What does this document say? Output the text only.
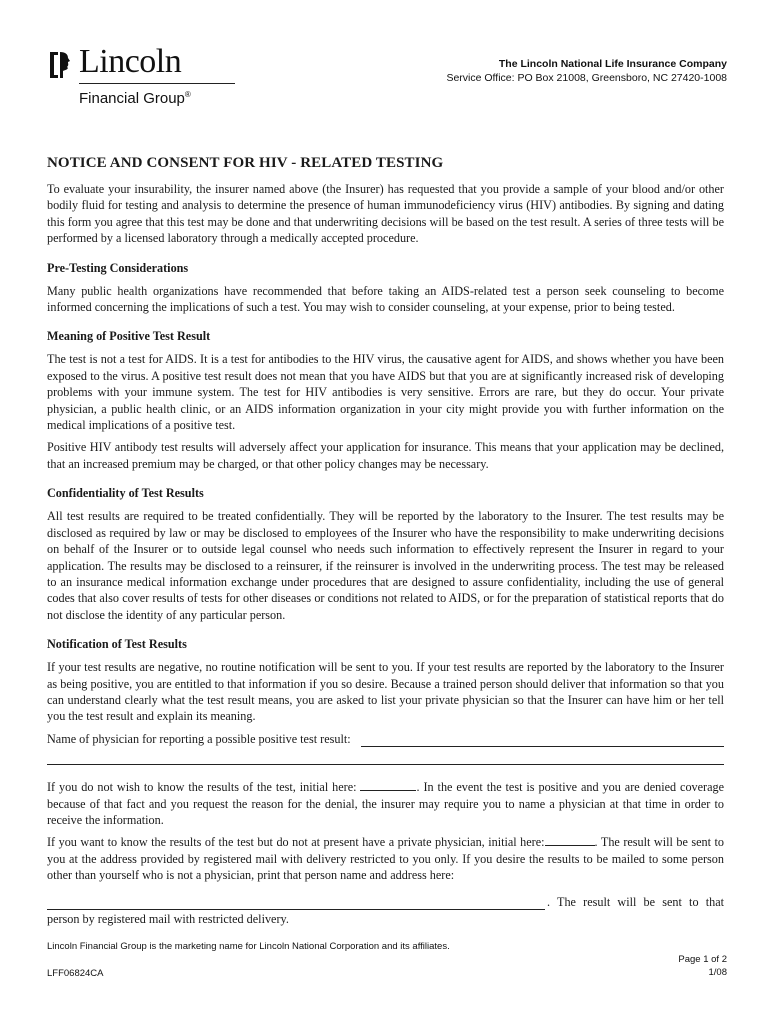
Lincoln
Financial Group®
The Lincoln National Life Insurance Company
Service Office: PO Box 21008, Greensboro, NC 27420-1008
NOTICE AND CONSENT FOR HIV - RELATED TESTING

To evaluate your insurability, the insurer named above (the Insurer) has requested that you provide a sample of your blood and/or other bodily fluid for testing and analysis to determine the presence of human immunodeficiency virus (HIV) antibodies. By signing and dating this form you agree that this test may be done and that underwriting decisions will be based on the test result. A series of three tests will be performed by a licensed laboratory through a medically accepted procedure.

Pre-Testing Considerations

Many public health organizations have recommended that before taking an AIDS-related test a person seek counseling to become informed concerning the implications of such a test. You may wish to consider counseling, at your expense, prior to being tested.

Meaning of Positive Test Result

The test is not a test for AIDS. It is a test for antibodies to the HIV virus, the causative agent for AIDS, and shows whether you have been exposed to the virus. A positive test result does not mean that you have AIDS but that you are at significantly increased risk of developing problems with your immune system. The test for HIV antibodies is very sensitive. Errors are rare, but they do occur. Your private physician, a public health clinic, or an AIDS information organization in your city might provide you with further information on the medical implications of a positive test.

Positive HIV antibody test results will adversely affect your application for insurance. This means that your application may be declined, that an increased premium may be charged, or that other policy changes may be necessary.

Confidentiality of Test Results

All test results are required to be treated confidentially. They will be reported by the laboratory to the Insurer. The test results may be disclosed as required by law or may be disclosed to employees of the Insurer who have the responsibility to make underwriting decisions on behalf of the Insurer or to outside legal counsel who needs such information to effectively represent the Insurer in regard to your application. The results may be disclosed to a reinsurer, if the reinsurer is involved in the underwriting process. The test may be released to an insurance medical information exchange under procedures that are designed to assure confidentiality, including the use of general codes that also cover results of tests for other diseases or conditions not related to AIDS, or for the preparation of statistical reports that do not disclose the identity of any particular person.

Notification of Test Results

If your test results are negative, no routine notification will be sent to you. If your test results are reported by the laboratory to the Insurer as being positive, you are entitled to that information if you so desire. Because a trained person should deliver that information so that you can understand clearly what the test result means, you are asked to list your private physician so that the Insurer can have him or her tell you the test result and explain its meaning.

Name of physician for reporting a possible positive test result:

If you do not wish to know the results of the test, initial here:	. In the event the test is positive and you are denied coverage because of that fact and you request the reason for the denial, the insurer may require you to name a physician at that time in order to receive the information.

If you want to know the results of the test but do not at present have a private physician, initial here:	. The result will be sent to you at the address provided by registered mail with delivery restricted to you only. If you desire the results to be mailed to some person other than yourself who is not a physician, print that person name and address here:

. The result will be sent to that

person by registered mail with restricted delivery.

Lincoln Financial Group is the marketing name for Lincoln National Corporation and its affiliates.
Page 1 of 2
1/08
LFF06824CA
